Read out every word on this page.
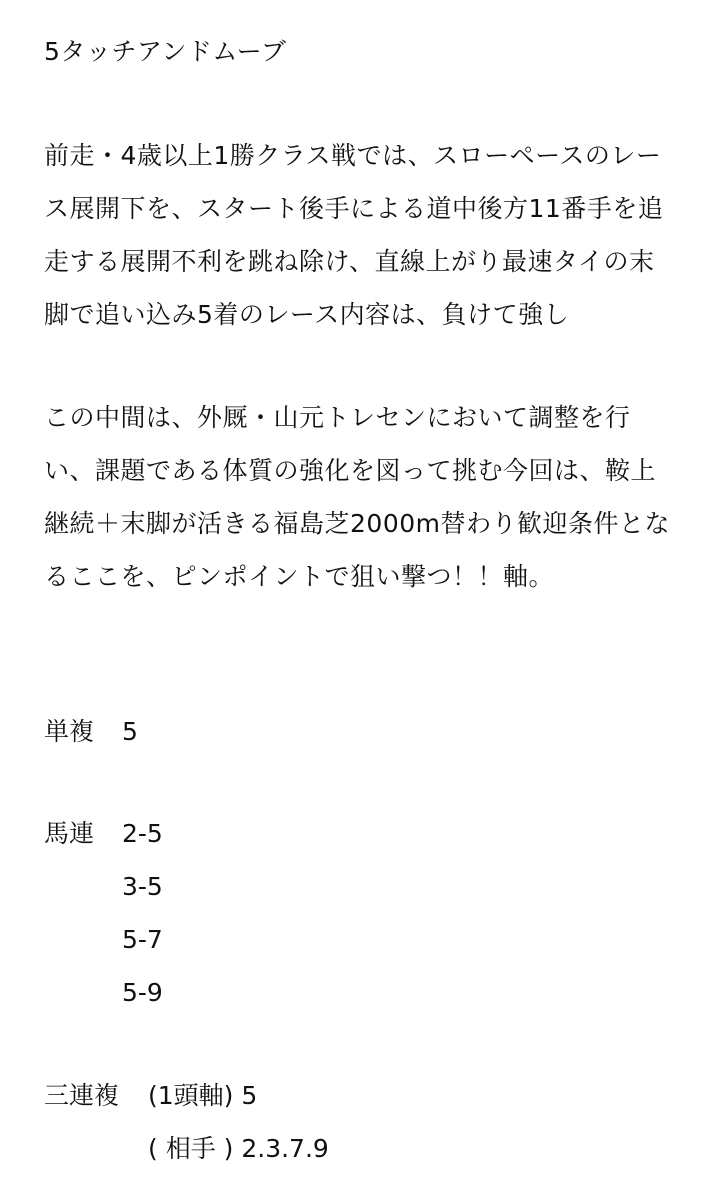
5タッチアンドムーブ

前走・4歳以上1勝クラス戦では、スローペースのレー

ス展開下を、スタート後手による道中後方11番手を追

走する展開不利を跳ね除け、直線上がり最速タイの末

脚で追い込み5着のレース内容は、負けて強し

この中間は、外厩・山元トレセンにおいて調整を行

い、課題である体質の強化を図って挑む今回は、鞍上

継続＋末脚が活きる福島芝2000m替わり歓迎条件とな

るここを、ピンポイントで狙い撃つ！！軸。

単複 5
馬連 2-5
3-5
5-7
5-9
三連複 (1頭軸) 5
( 相手 ) 2.3.7.9
